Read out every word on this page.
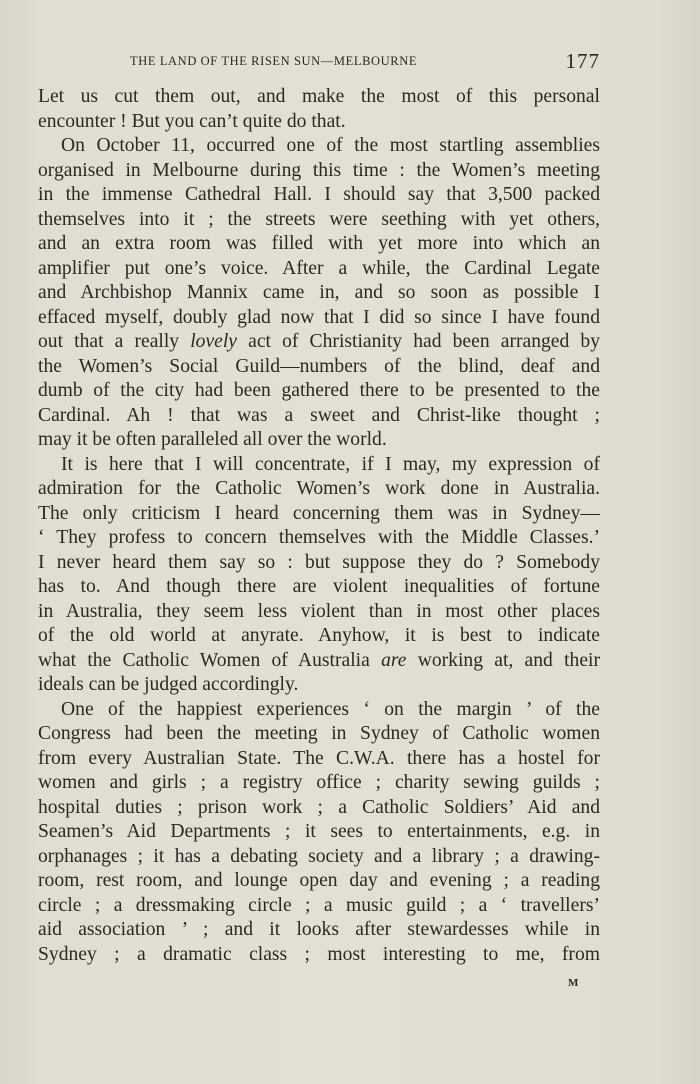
THE LAND OF THE RISEN SUN—MELBOURNE	177
Let us cut them out, and make the most of this personal
encounter ! But you can’t quite do that.
On October 11, occurred one of the most startling assemblies
organised in Melbourne during this time : the Women’s meeting
in the immense Cathedral Hall. I should say that 3,500 packed
themselves into it ; the streets were seething with yet others,
and an extra room was filled with yet more into which an
amplifier put one’s voice. After a while, the Cardinal Legate
and Archbishop Mannix came in, and so soon as possible I
effaced myself, doubly glad now that I did so since I have found
out that a really lovely act of Christianity had been arranged by
the Women’s Social Guild—numbers of the blind, deaf and
dumb of the city had been gathered there to be presented to the
Cardinal. Ah ! that was a sweet and Christ-like thought ;
may it be often paralleled all over the world.
It is here that I will concentrate, if I may, my expression of
admiration for the Catholic Women’s work done in Australia.
The only criticism I heard concerning them was in Sydney—
‘ They profess to concern themselves with the Middle Classes.’
I never heard them say so : but suppose they do ? Somebody
has to. And though there are violent inequalities of fortune
in Australia, they seem less violent than in most other places
of the old world at anyrate. Anyhow, it is best to indicate
what the Catholic Women of Australia are working at, and their
ideals can be judged accordingly.
One of the happiest experiences ‘ on the margin ’ of the
Congress had been the meeting in Sydney of Catholic women
from every Australian State. The C.W.A. there has a hostel for
women and girls ; a registry office ; charity sewing guilds ;
hospital duties ; prison work ; a Catholic Soldiers’ Aid and
Seamen’s Aid Departments ; it sees to entertainments, e.g. in
orphanages ; it has a debating society and a library ; a drawing-
room, rest room, and lounge open day and evening ; a reading
circle ; a dressmaking circle ; a music guild ; a ‘ travellers’
aid association ’ ; and it looks after stewardesses while in
Sydney ; a dramatic class ; most interesting to me, from
M
